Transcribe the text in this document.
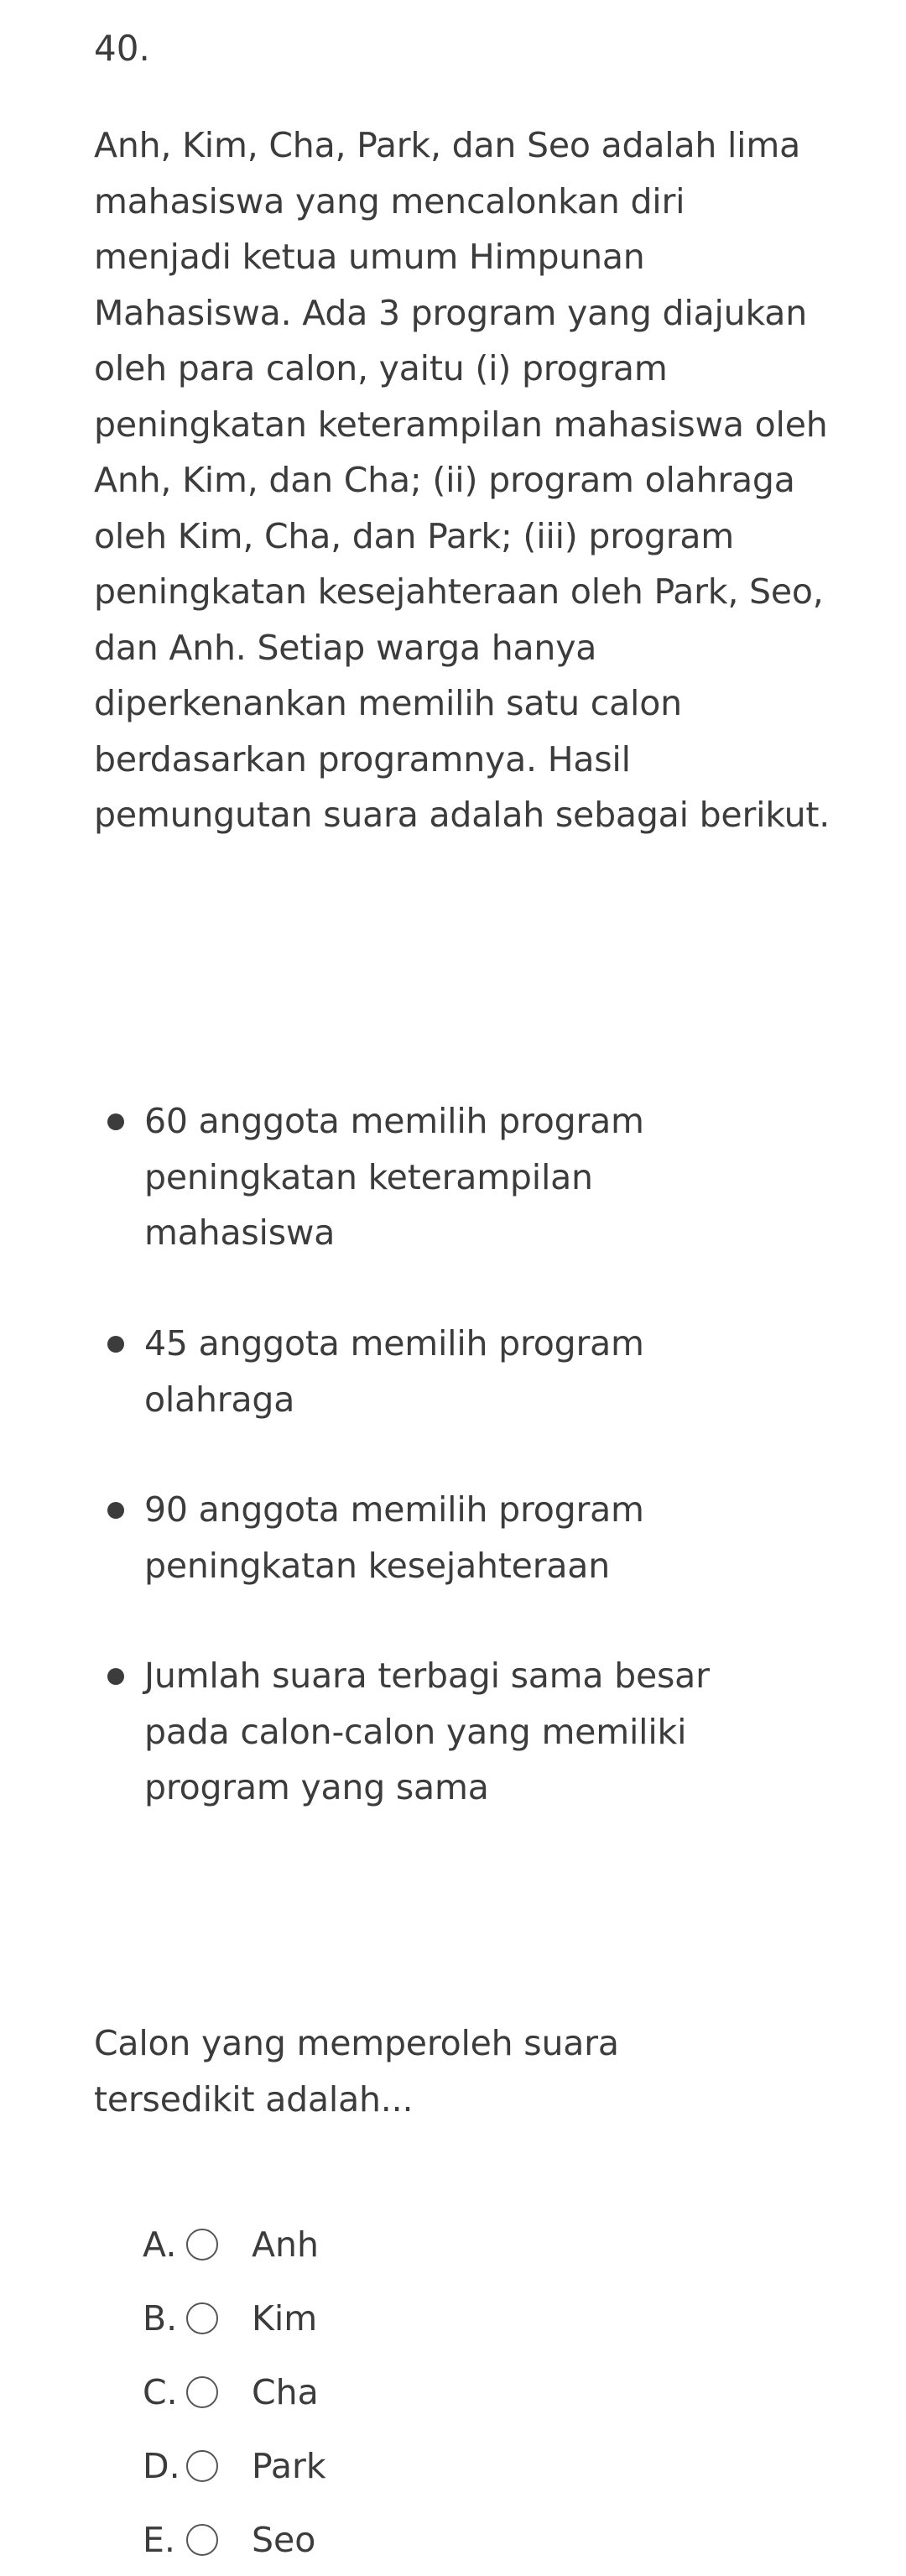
40.
Anh, Kim, Cha, Park, dan Seo adalah lima mahasiswa yang mencalonkan diri menjadi ketua umum Himpunan Mahasiswa. Ada 3 program yang diajukan oleh para calon, yaitu (i) program peningkatan keterampilan mahasiswa oleh Anh, Kim, dan Cha; (ii) program olahraga oleh Kim, Cha, dan Park; (iii) program peningkatan kesejahteraan oleh Park, Seo, dan Anh. Setiap warga hanya diperkenankan memilih satu calon berdasarkan programnya. Hasil pemungutan suara adalah sebagai berikut.
60 anggota memilih program peningkatan keterampilan mahasiswa
45 anggota memilih program olahraga
90 anggota memilih program peningkatan kesejahteraan
Jumlah suara terbagi sama besar pada calon-calon yang memiliki program yang sama
Calon yang memperoleh suara tersedikit adalah...
A. Anh
B. Kim
C. Cha
D. Park
E. Seo
